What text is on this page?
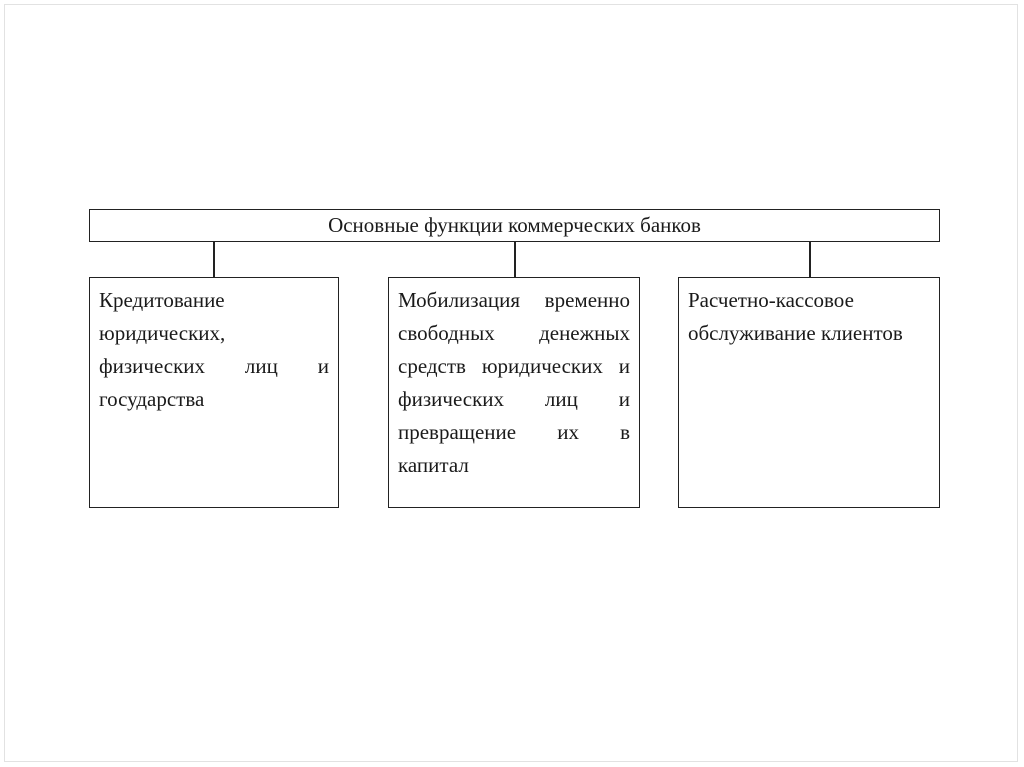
Основные функции коммерческих банков
Кредитование юридических, физических лиц и государства
Мобилизация временно свободных денежных средств юридических и физических лиц и превращение их в капитал
Расчетно-кассовое обслуживание клиентов
